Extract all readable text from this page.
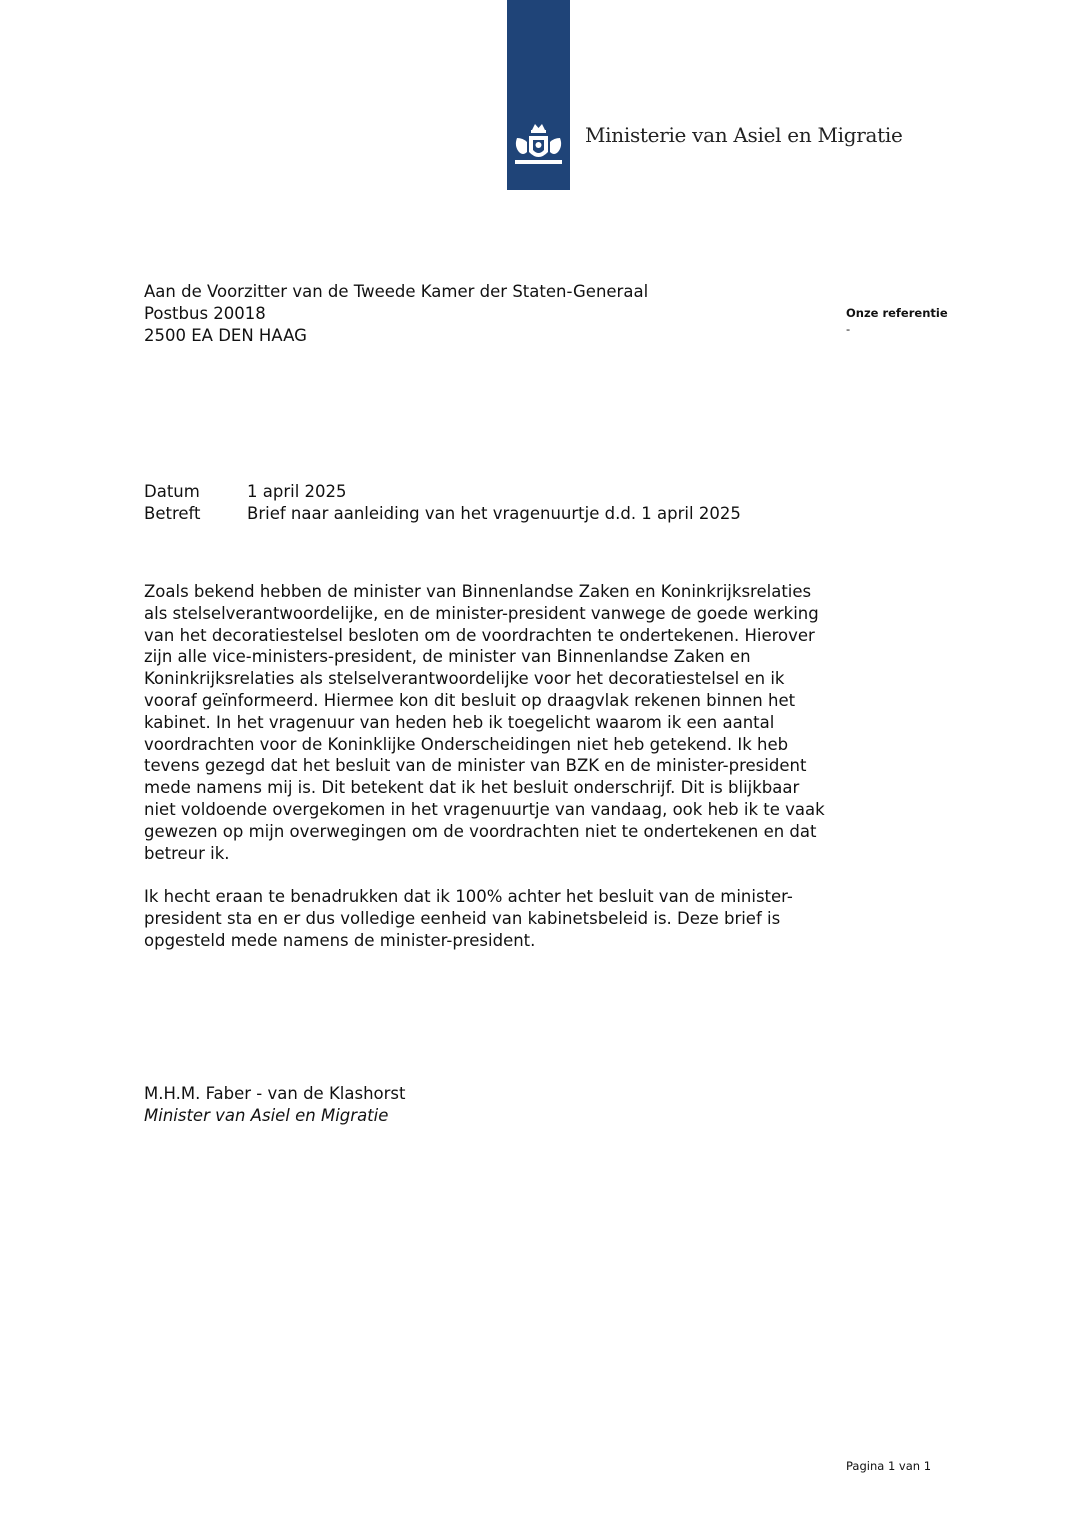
Ministerie van Asiel en Migratie
Aan de Voorzitter van de Tweede Kamer der Staten-Generaal
Postbus 20018
2500 EA DEN HAAG
Onze referentie
-
Datum	1 april 2025
Betreft	Brief naar aanleiding van het vragenuurtje d.d. 1 april 2025

Zoals bekend hebben de minister van Binnenlandse Zaken en Koninkrijksrelaties als stelselverantwoordelijke, en de minister-president vanwege de goede werking van het decoratiestelsel besloten om de voordrachten te ondertekenen. Hierover zijn alle vice-ministers-president, de minister van Binnenlandse Zaken en Koninkrijksrelaties als stelselverantwoordelijke voor het decoratiestelsel en ik vooraf geïnformeerd. Hiermee kon dit besluit op draagvlak rekenen binnen het kabinet. In het vragenuur van heden heb ik toegelicht waarom ik een aantal voordrachten voor de Koninklijke Onderscheidingen niet heb getekend. Ik heb tevens gezegd dat het besluit van de minister van BZK en de minister-president mede namens mij is. Dit betekent dat ik het besluit onderschrijf. Dit is blijkbaar niet voldoende overgekomen in het vragenuurtje van vandaag, ook heb ik te vaak gewezen op mijn overwegingen om de voordrachten niet te ondertekenen en dat betreur ik.

Ik hecht eraan te benadrukken dat ik 100% achter het besluit van de minister-president sta en er dus volledige eenheid van kabinetsbeleid is. Deze brief is opgesteld mede namens de minister-president.

M.H.M. Faber - van de Klashorst
Minister van Asiel en Migratie
Pagina 1 van 1
